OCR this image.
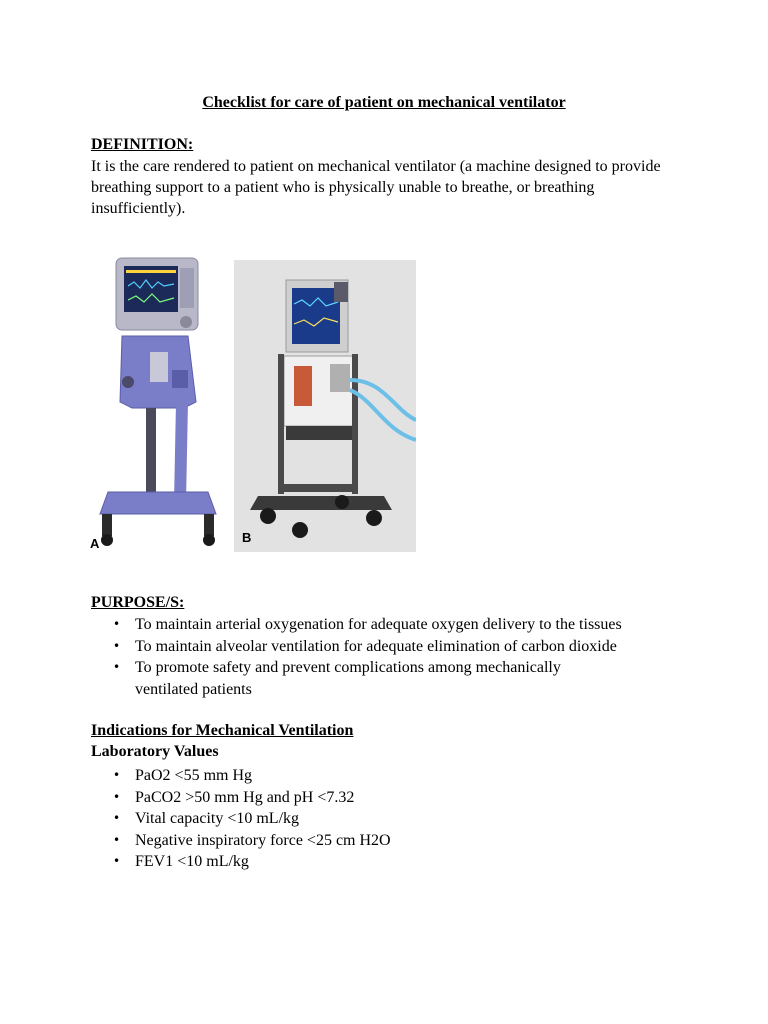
Checklist for care of patient on mechanical ventilator
DEFINITION:
It is the care rendered to patient on mechanical ventilator (a machine designed to provide breathing support to a patient who is physically unable to breathe, or breathing insufficiently).
A	B
PURPOSE/S:
• To maintain arterial oxygenation for adequate oxygen delivery to the tissues
• To maintain alveolar ventilation for adequate elimination of carbon dioxide
• To promote safety and prevent complications among mechanically ventilated patients
Indications for Mechanical Ventilation
Laboratory Values
• PaO2 <55 mm Hg
• PaCO2 >50 mm Hg and pH <7.32
• Vital capacity <10 mL/kg
• Negative inspiratory force <25 cm H2O
• FEV1 <10 mL/kg
